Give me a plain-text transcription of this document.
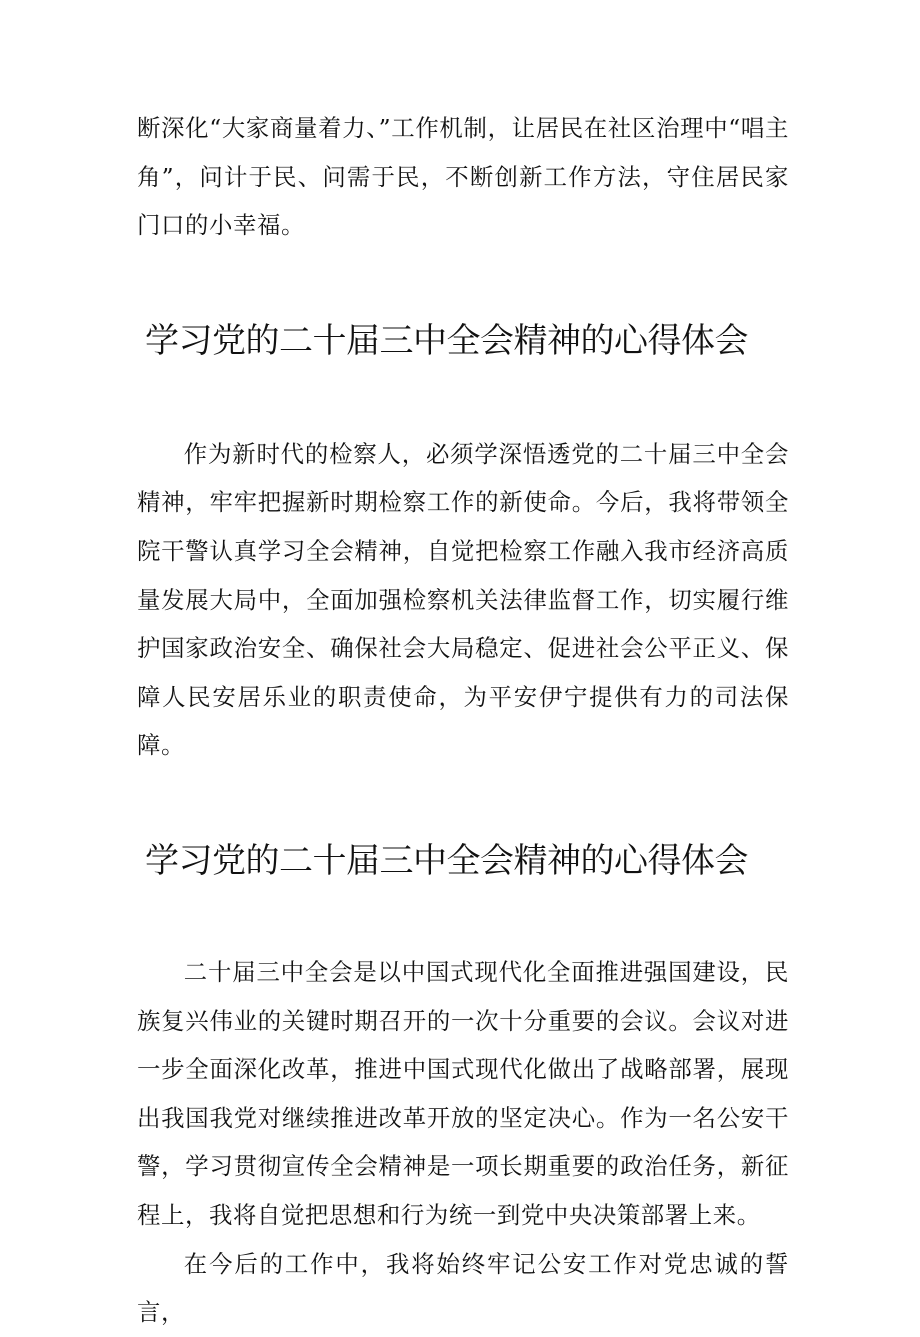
断深化“大家商量着力、”工作机制，让居民在社区治理中“唱主角”，问计于民、问需于民，不断创新工作方法，守住居民家门口的小幸福。

学习党的二十届三中全会精神的心得体会

作为新时代的检察人，必须学深悟透党的二十届三中全会精神，牢牢把握新时期检察工作的新使命。今后，我将带领全院干警认真学习全会精神，自觉把检察工作融入我市经济高质量发展大局中，全面加强检察机关法律监督工作，切实履行维护国家政治安全、确保社会大局稳定、促进社会公平正义、保障人民安居乐业的职责使命，为平安伊宁提供有力的司法保障。

学习党的二十届三中全会精神的心得体会

二十届三中全会是以中国式现代化全面推进强国建设，民族复兴伟业的关键时期召开的一次十分重要的会议。会议对进一步全面深化改革，推进中国式现代化做出了战略部署，展现出我国我党对继续推进改革开放的坚定决心。作为一名公安干警，学习贯彻宣传全会精神是一项长期重要的政治任务，新征程上，我将自觉把思想和行为统一到党中央决策部署上来。

在今后的工作中，我将始终牢记公安工作对党忠诚的誓言，
